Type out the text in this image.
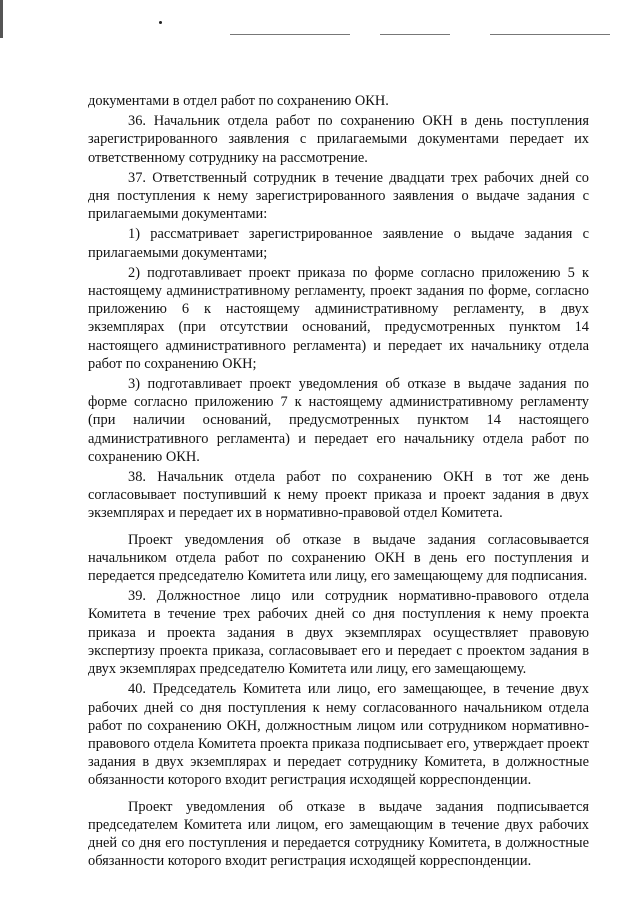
документами в отдел работ по сохранению ОКН.

36. Начальник отдела работ по сохранению ОКН в день поступления зарегистрированного заявления с прилагаемыми документами передает их ответственному сотруднику на рассмотрение.

37. Ответственный сотрудник в течение двадцати трех рабочих дней со дня поступления к нему зарегистрированного заявления о выдаче задания с прилагаемыми документами:

1) рассматривает зарегистрированное заявление о выдаче задания с прилагаемыми документами;

2) подготавливает проект приказа по форме согласно приложению 5 к настоящему административному регламенту, проект задания по форме, согласно приложению 6 к настоящему административному регламенту, в двух экземплярах (при отсутствии оснований, предусмотренных пунктом 14 настоящего административного регламента) и передает их начальнику отдела работ по сохранению ОКН;

3) подготавливает проект уведомления об отказе в выдаче задания по форме согласно приложению 7 к настоящему административному регламенту (при наличии оснований, предусмотренных пунктом 14 настоящего административного регламента) и передает его начальнику отдела работ по сохранению ОКН.

38. Начальник отдела работ по сохранению ОКН в тот же день согласовывает поступивший к нему проект приказа и проект задания в двух экземплярах и передает их в нормативно-правовой отдел Комитета.

Проект уведомления об отказе в выдаче задания согласовывается начальником отдела работ по сохранению ОКН в день его поступления и передается председателю Комитета или лицу, его замещающему для подписания.

39. Должностное лицо или сотрудник нормативно-правового отдела Комитета в течение трех рабочих дней со дня поступления к нему проекта приказа и проекта задания в двух экземплярах осуществляет правовую экспертизу проекта приказа, согласовывает его и передает с проектом задания в двух экземплярах председателю Комитета или лицу, его замещающему.

40. Председатель Комитета или лицо, его замещающее, в течение двух рабочих дней со дня поступления к нему согласованного начальником отдела работ по сохранению ОКН, должностным лицом или сотрудником нормативно-правового отдела Комитета проекта приказа подписывает его, утверждает проект задания в двух экземплярах и передает сотруднику Комитета, в должностные обязанности которого входит регистрация исходящей корреспонденции.

Проект уведомления об отказе в выдаче задания подписывается председателем Комитета или лицом, его замещающим в течение двух рабочих дней со дня его поступления и передается сотруднику Комитета, в должностные обязанности которого входит регистрация исходящей корреспонденции.
